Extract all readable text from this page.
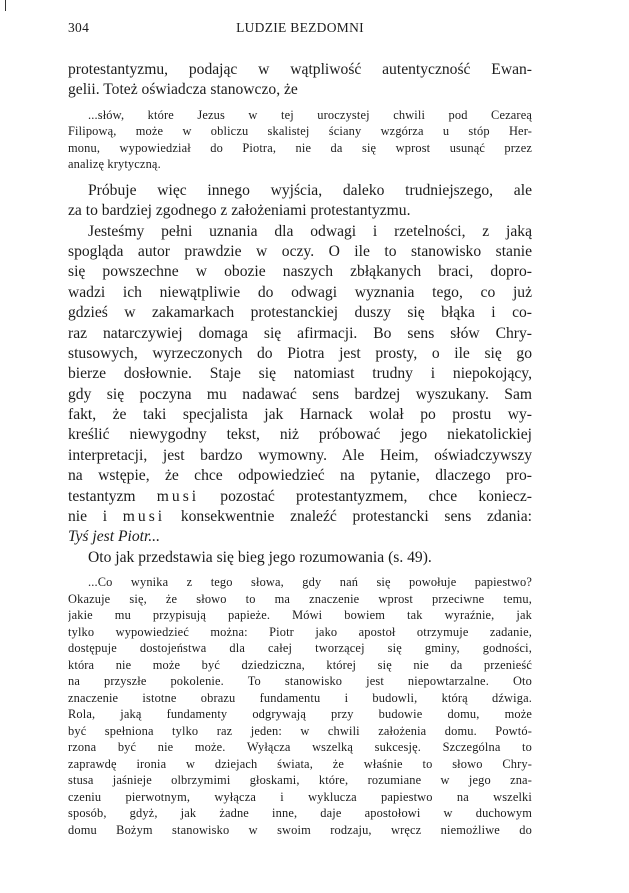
304	LUDZIE BEZDOMNI
protestantyzmu, podając w wątpliwość autentyczność Ewan-
gelii. Toteż oświadcza stanowczo, że
...słów, które Jezus w tej uroczystej chwili pod Cezareą
Filipową, może w obliczu skalistej ściany wzgórza u stóp Her-
monu, wypowiedział do Piotra, nie da się wprost usunąć przez
analizę krytyczną.
Próbuje więc innego wyjścia, daleko trudniejszego, ale
za to bardziej zgodnego z założeniami protestantyzmu.
Jesteśmy pełni uznania dla odwagi i rzetelności, z jaką
spogląda autor prawdzie w oczy. O ile to stanowisko stanie
się powszechne w obozie naszych zbłąkanych braci, dopro-
wadzi ich niewątpliwie do odwagi wyznania tego, co już
gdzieś w zakamarkach protestanckiej duszy się błąka i co-
raz natarczywiej domaga się afirmacji. Bo sens słów Chry-
stusowych, wyrzeczonych do Piotra jest prosty, o ile się go
bierze dosłownie. Staje się natomiast trudny i niepokojący,
gdy się poczyna mu nadawać sens bardzej wyszukany. Sam
fakt, że taki specjalista jak Harnack wolał po prostu wy-
kreślić niewygodny tekst, niż próbować jego niekatolickiej
interpretacji, jest bardzo wymowny. Ale Heim, oświadczywszy
na wstępie, że chce odpowiedzieć na pytanie, dlaczego pro-
testantyzm musi pozostać protestantyzmem, chce koniecz-
nie i musi konsekwentnie znaleźć protestancki sens zdania:
Tyś jest Piotr...
Oto jak przedstawia się bieg jego rozumowania (s. 49).
...Co wynika z tego słowa, gdy nań się powołuje papiestwo?
Okazuje się, że słowo to ma znaczenie wprost przeciwne temu,
jakie mu przypisują papieże. Mówi bowiem tak wyraźnie, jak
tylko wypowiedzieć można: Piotr jako apostoł otrzymuje zadanie,
dostępuje dostojeństwa dla całej tworzącej się gminy, godności,
która nie może być dziedziczna, której się nie da przenieść
na przyszłe pokolenie. To stanowisko jest niepowtarzalne. Oto
znaczenie istotne obrazu fundamentu i budowli, którą dźwiga.
Rola, jaką fundamenty odgrywają przy budowie domu, może
być spełniona tylko raz jeden: w chwili założenia domu. Powtó-
rzona być nie może. Wyłącza wszelką sukcesję. Szczególna to
zaprawdę ironia w dziejach świata, że właśnie to słowo Chry-
stusa jaśnieje olbrzymimi głoskami, które, rozumiane w jego zna-
czeniu pierwotnym, wyłącza i wyklucza papiestwo na wszelki
sposób, gdyż, jak żadne inne, daje apostołowi w duchowym
domu Bożym stanowisko w swoim rodzaju, wręcz niemożliwe do
